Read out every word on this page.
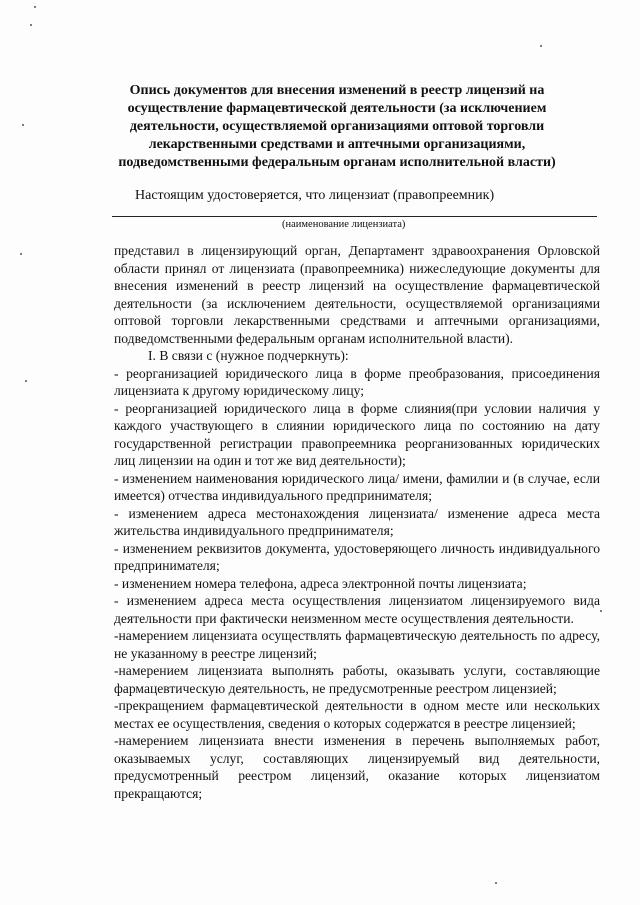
Опись документов для внесения изменений в реестр лицензий на осуществление фармацевтической деятельности (за исключением деятельности, осуществляемой организациями оптовой торговли лекарственными средствами и аптечными организациями, подведомственными федеральным органам исполнительной власти)
Настоящим удостоверяется, что лицензиат (правопреемник)
(наименование лицензиата)

представил в лицензирующий орган, Департамент здравоохранения Орловской области принял от лицензиата (правопреемника) нижеследующие документы для внесения изменений в реестр лицензий на осуществление фармацевтической деятельности (за исключением деятельности, осуществляемой организациями оптовой торговли лекарственными средствами и аптечными организациями, подведомственными федеральным органам исполнительной власти).

I. В связи с (нужное подчеркнуть):

- реорганизацией юридического лица в форме преобразования, присоединения лицензиата к другому юридическому лицу;

- реорганизацией юридического лица в форме слияния(при условии наличия у каждого участвующего в слиянии юридического лица по состоянию на дату государственной регистрации правопреемника реорганизованных юридических лиц лицензии на один и тот же вид деятельности);

- изменением наименования юридического лица/ имени, фамилии и (в случае, если имеется) отчества индивидуального предпринимателя;

- изменением адреса местонахождения лицензиата/ изменение адреса места жительства индивидуального предпринимателя;

- изменением реквизитов документа, удостоверяющего личность индивидуального предпринимателя;

- изменением номера телефона, адреса электронной почты лицензиата;

- изменением адреса места осуществления лицензиатом лицензируемого вида деятельности при фактически неизменном месте осуществления деятельности.

-намерением лицензиата осуществлять фармацевтическую деятельность по адресу, не указанному в реестре лицензий;

-намерением лицензиата выполнять работы, оказывать услуги, составляющие фармацевтическую деятельность, не предусмотренные реестром лицензией;

-прекращением фармацевтической деятельности в одном месте или нескольких местах ее осуществления, сведения о которых содержатся в реестре лицензией;

-намерением лицензиата внести изменения в перечень выполняемых работ, оказываемых услуг, составляющих лицензируемый вид деятельности, предусмотренный реестром лицензий, оказание которых лицензиатом прекращаются;
